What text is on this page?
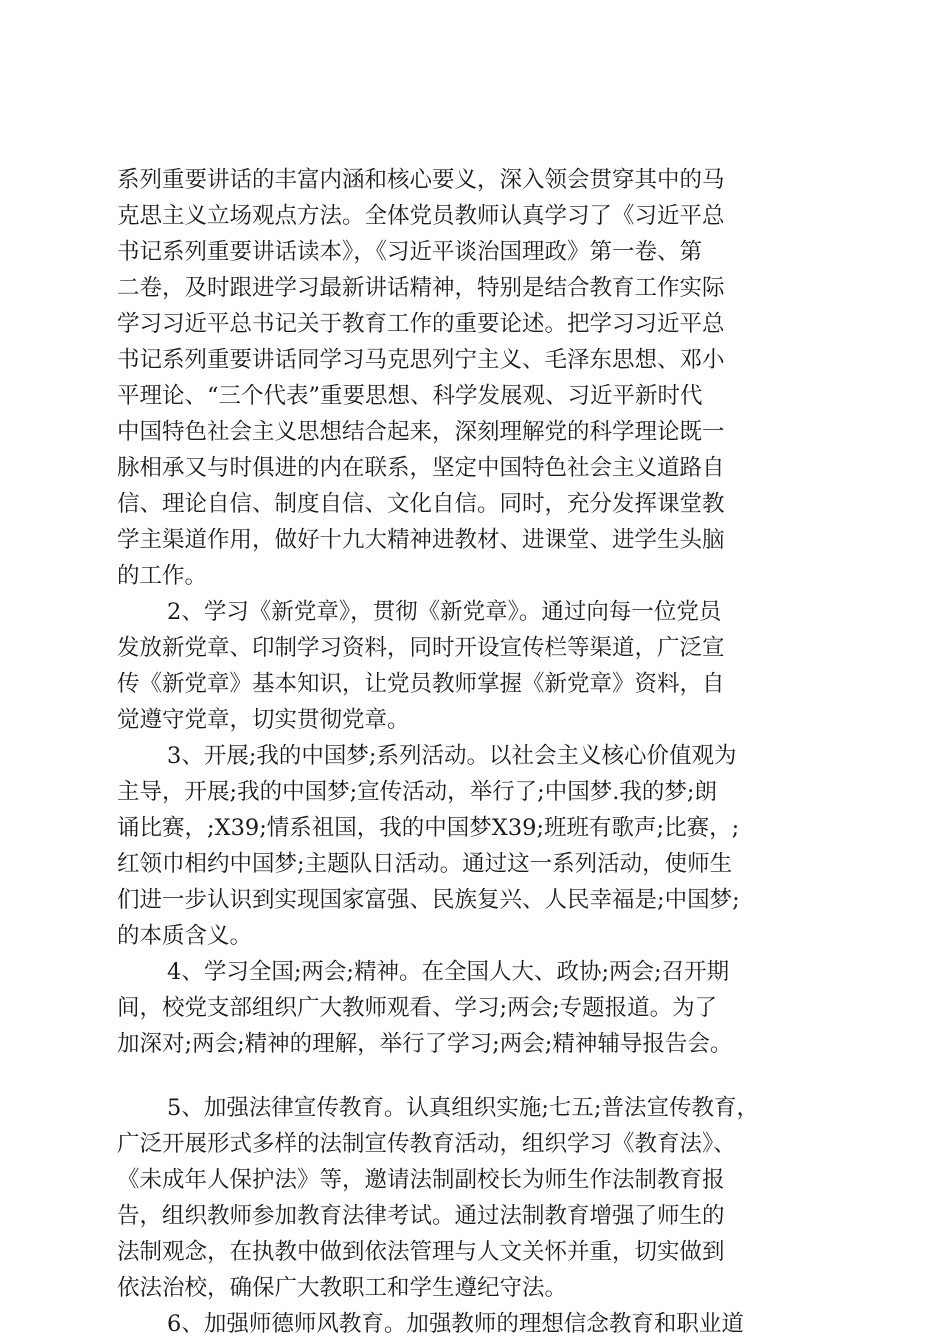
系列重要讲话的丰富内涵和核心要义，深入领会贯穿其中的马

克思主义立场观点方法。全体党员教师认真学习了《习近平总

书记系列重要讲话读本》，《习近平谈治国理政》第一卷、第

二卷，及时跟进学习最新讲话精神，特别是结合教育工作实际

学习习近平总书记关于教育工作的重要论述。把学习习近平总

书记系列重要讲话同学习马克思列宁主义、毛泽东思想、邓小

平理论、“三个代表”重要思想、科学发展观、习近平新时代

中国特色社会主义思想结合起来，深刻理解党的科学理论既一

脉相承又与时俱进的内在联系，坚定中国特色社会主义道路自

信、理论自信、制度自信、文化自信。同时，充分发挥课堂教

学主渠道作用，做好十九大精神进教材、进课堂、进学生头脑

的工作。

2、学习《新党章》，贯彻《新党章》。通过向每一位党员

发放新党章、印制学习资料，同时开设宣传栏等渠道，广泛宣

传《新党章》基本知识，让党员教师掌握《新党章》资料，自

觉遵守党章，切实贯彻党章。

3、开展;我的中国梦;系列活动。以社会主义核心价值观为

主导，开展;我的中国梦;宣传活动，举行了;中国梦.我的梦;朗

诵比赛，;X39;情系祖国，我的中国梦X39;班班有歌声;比赛，;

红领巾相约中国梦;主题队日活动。通过这一系列活动，使师生

们进一步认识到实现国家富强、民族复兴、人民幸福是;中国梦;

的本质含义。

4、学习全国;两会;精神。在全国人大、政协;两会;召开期

间，校党支部组织广大教师观看、学习;两会;专题报道。为了

加深对;两会;精神的理解，举行了学习;两会;精神辅导报告会。

5、加强法律宣传教育。认真组织实施;七五;普法宣传教育，

广泛开展形式多样的法制宣传教育活动，组织学习《教育法》、

《未成年人保护法》等，邀请法制副校长为师生作法制教育报

告，组织教师参加教育法律考试。通过法制教育增强了师生的

法制观念，在执教中做到依法管理与人文关怀并重，切实做到

依法治校，确保广大教职工和学生遵纪守法。

6、加强师德师风教育。加强教师的理想信念教育和职业道
